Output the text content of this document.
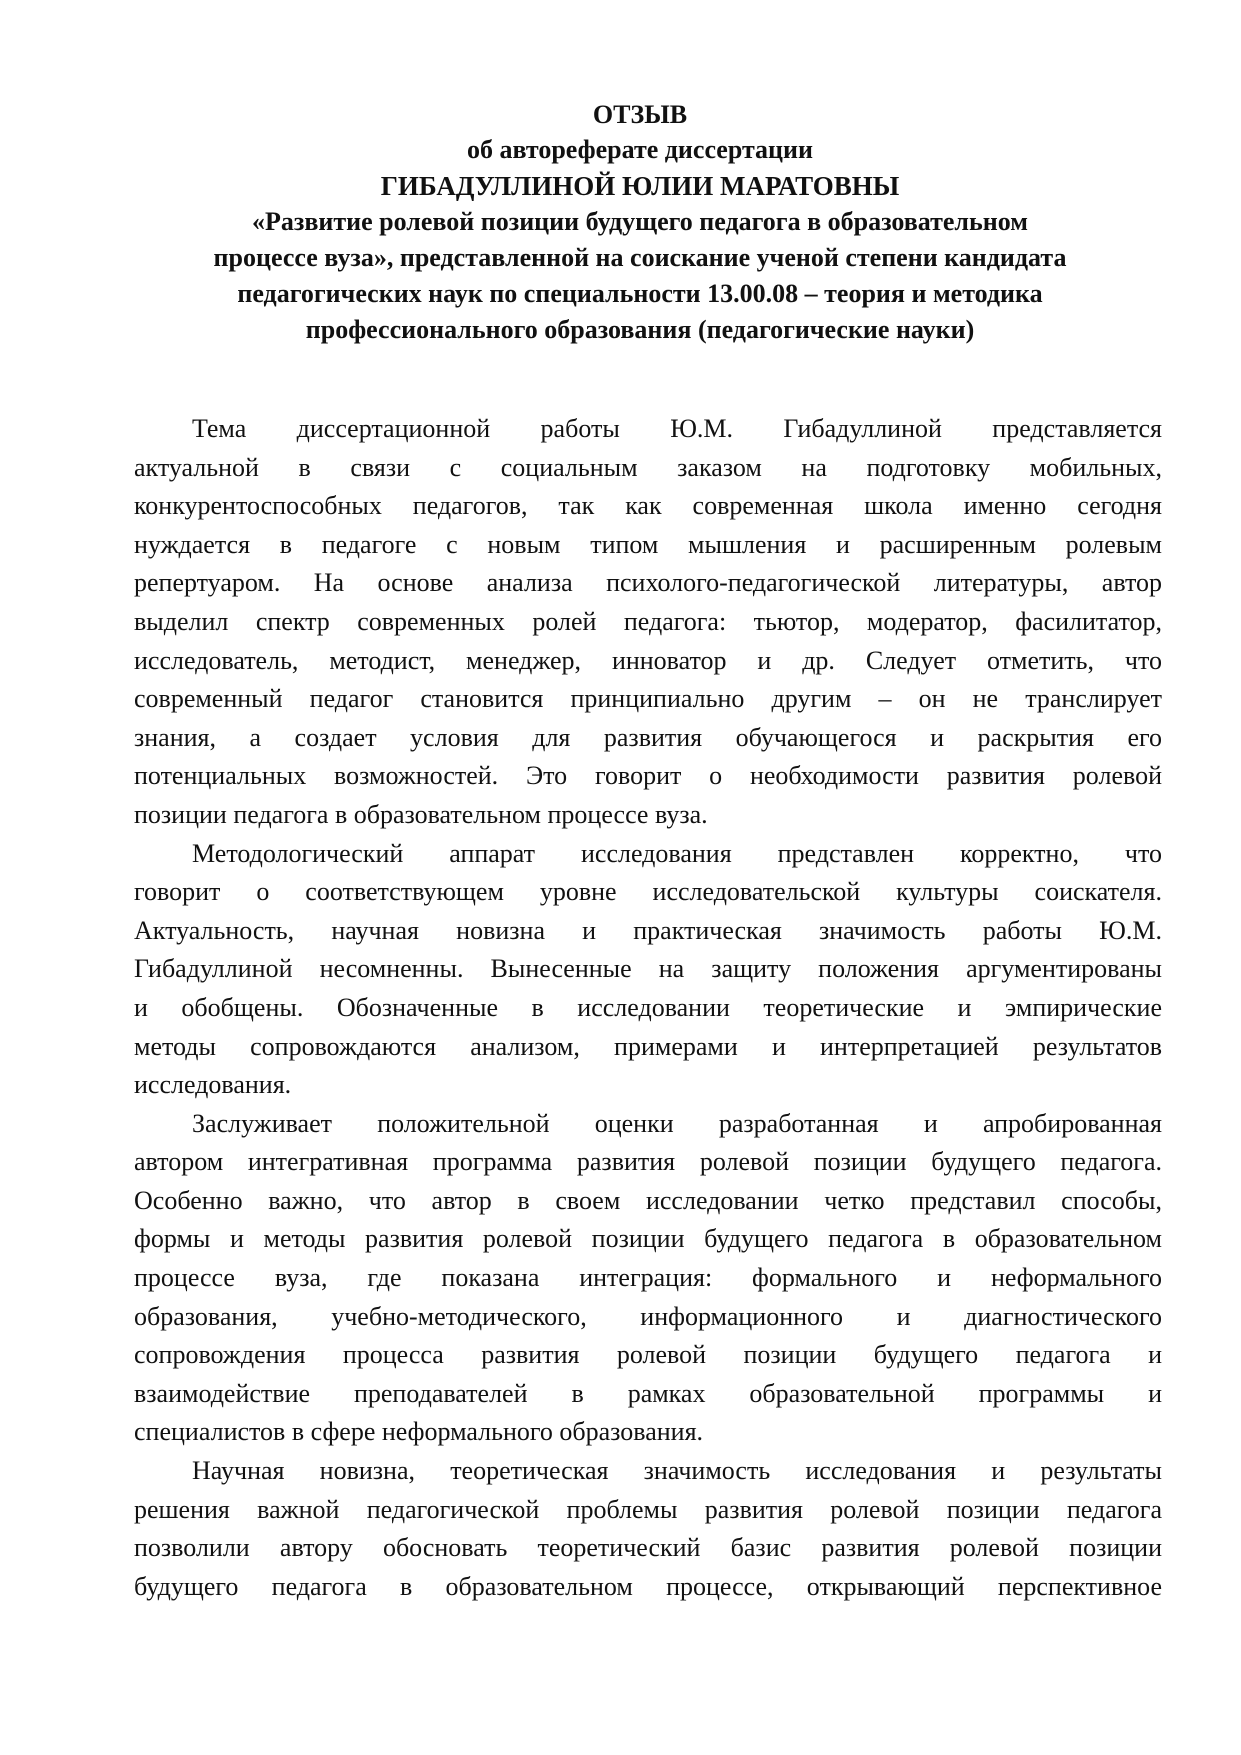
ОТЗЫВ
об автореферате диссертации
ГИБАДУЛЛИНОЙ ЮЛИИ МАРАТОВНЫ
«Развитие ролевой позиции будущего педагога в образовательном
процессе вуза», представленной на соискание ученой степени кандидата
педагогических наук по специальности 13.00.08 – теория и методика
профессионального образования (педагогические науки)
Тема диссертационной работы Ю.М. Гибадуллиной представляется
актуальной в связи с социальным заказом на подготовку мобильных,
конкурентоспособных педагогов, так как современная школа именно сегодня
нуждается в педагоге с новым типом мышления и расширенным ролевым
репертуаром. На основе анализа психолого-педагогической литературы, автор
выделил спектр современных ролей педагога: тьютор, модератор, фасилитатор,
исследователь, методист, менеджер, инноватор и др. Следует отметить, что
современный педагог становится принципиально другим – он не транслирует
знания, а создает условия для развития обучающегося и раскрытия его
потенциальных возможностей. Это говорит о необходимости развития ролевой
позиции педагога в образовательном процессе вуза.
Методологический аппарат исследования представлен корректно, что
говорит о соответствующем уровне исследовательской культуры соискателя.
Актуальность, научная новизна и практическая значимость работы Ю.М.
Гибадуллиной несомненны. Вынесенные на защиту положения аргументированы
и обобщены. Обозначенные в исследовании теоретические и эмпирические
методы сопровождаются анализом, примерами и интерпретацией результатов
исследования.
Заслуживает положительной оценки разработанная и апробированная
автором интегративная программа развития ролевой позиции будущего педагога.
Особенно важно, что автор в своем исследовании четко представил способы,
формы и методы развития ролевой позиции будущего педагога в образовательном
процессе вуза, где показана интеграция: формального и неформального
образования, учебно-методического, информационного и диагностического
сопровождения процесса развития ролевой позиции будущего педагога и
взаимодействие преподавателей в рамках образовательной программы и
специалистов в сфере неформального образования.
Научная новизна, теоретическая значимость исследования и результаты
решения важной педагогической проблемы развития ролевой позиции педагога
позволили автору обосновать теоретический базис развития ролевой позиции
будущего педагога в образовательном процессе, открывающий перспективное
